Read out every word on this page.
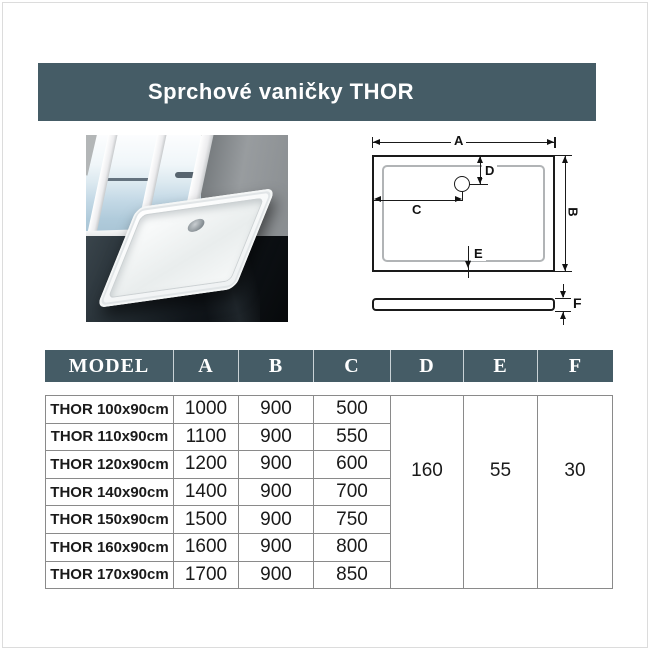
Sprchové vaničky THOR
A
D
C	B
E
F
MODEL	A	B	C	D	E	F
THOR 100x90cm	1000	900	500	160	55	30
THOR 110x90cm	1100	900	550			
THOR 120x90cm	1200	900	600			
THOR 140x90cm	1400	900	700			
THOR 150x90cm	1500	900	750			
THOR 160x90cm	1600	900	800			
THOR 170x90cm	1700	900	850			
